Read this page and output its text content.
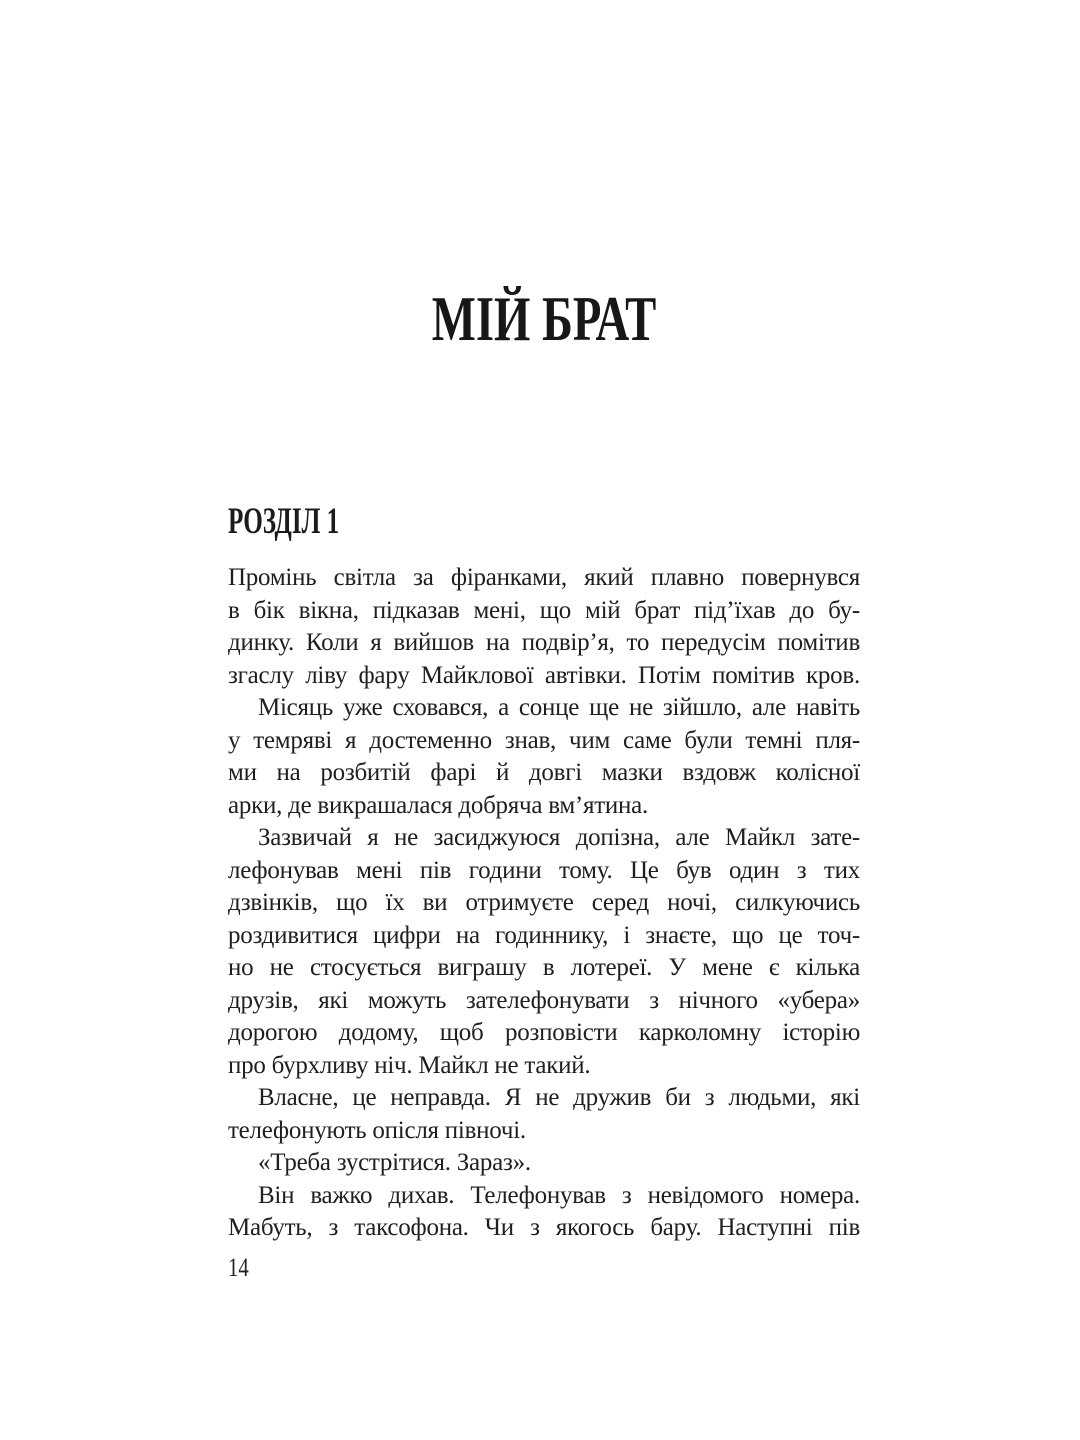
МІЙ БРАТ
РОЗДІЛ 1
Промінь світла за фіранками, який плавно повернувся
в бік вікна, підказав мені, що мій брат під’їхав до бу-
динку. Коли я вийшов на подвір’я, то передусім помітив
згаслу ліву фару Майклової автівки. Потім помітив кров.
Місяць уже сховався, а сонце ще не зійшло, але навіть
у темряві я достеменно знав, чим саме були темні пля-
ми на розбитій фарі й довгі мазки вздовж колісної
арки, де викрашалася добряча вм’ятина.
Зазвичай я не засиджуюся допізна, але Майкл зате-
лефонував мені пів години тому. Це був один з тих
дзвінків, що їх ви отримуєте серед ночі, силкуючись
роздивитися цифри на годиннику, і знаєте, що це точ-
но не стосується виграшу в лотереї. У мене є кілька
друзів, які можуть зателефонувати з нічного «убера»
дорогою додому, щоб розповісти карколомну історію
про бурхливу ніч. Майкл не такий.
Власне, це неправда. Я не дружив би з людьми, які
телефонують опісля півночі.
«Треба зустрітися. Зараз».
Він важко дихав. Телефонував з невідомого номера.
Мабуть, з таксофона. Чи з якогось бару. Наступні пів
14
